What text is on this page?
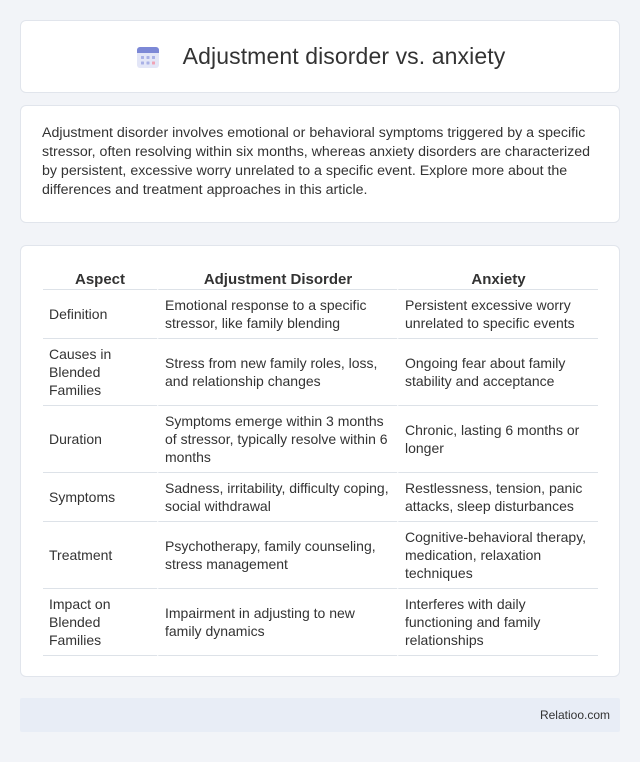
Adjustment disorder vs. anxiety

Adjustment disorder involves emotional or behavioral symptoms triggered by a specific stressor, often resolving within six months, whereas anxiety disorders are characterized by persistent, excessive worry unrelated to a specific event. Explore more about the differences and treatment approaches in this article.

Aspect	Adjustment Disorder	Anxiety
Definition	Emotional response to a specific stressor, like family blending	Persistent excessive worry unrelated to specific events
Causes in Blended Families	Stress from new family roles, loss, and relationship changes	Ongoing fear about family stability and acceptance
Duration	Symptoms emerge within 3 months of stressor, typically resolve within 6 months	Chronic, lasting 6 months or longer
Symptoms	Sadness, irritability, difficulty coping, social withdrawal	Restlessness, tension, panic attacks, sleep disturbances
Treatment	Psychotherapy, family counseling, stress management	Cognitive-behavioral therapy, medication, relaxation techniques
Impact on Blended Families	Impairment in adjusting to new family dynamics	Interferes with daily functioning and family relationships
Relatioo.com
